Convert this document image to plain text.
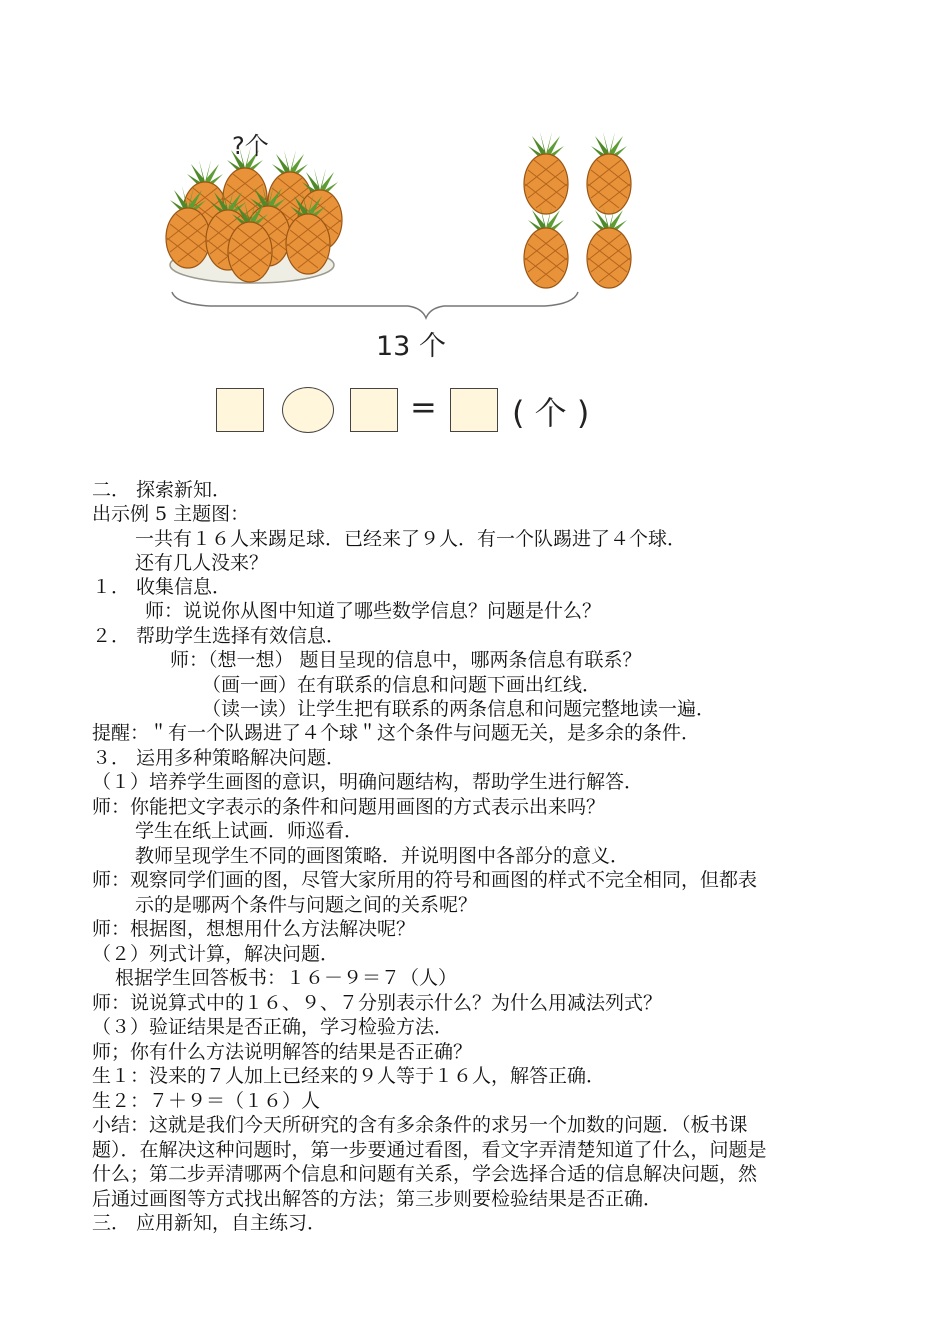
?个
13 个
= ( 个 )
二． 探索新知．
出示例 5 主题图：
一共有１６人来踢足球．已经来了９人．有一个队踢进了４个球．
还有几人没来？
１． 收集信息．
师：说说你从图中知道了哪些数学信息？问题是什么？
２． 帮助学生选择有效信息．
师：（想一想） 题目呈现的信息中，哪两条信息有联系？
（画一画）在有联系的信息和问题下画出红线．
（读一读）让学生把有联系的两条信息和问题完整地读一遍．
提醒：＂有一个队踢进了４个球＂这个条件与问题无关，是多余的条件．
３． 运用多种策略解决问题．
（１）培养学生画图的意识，明确问题结构，帮助学生进行解答．
师：你能把文字表示的条件和问题用画图的方式表示出来吗？
学生在纸上试画．师巡看．
教师呈现学生不同的画图策略．并说明图中各部分的意义．
师：观察同学们画的图，尽管大家所用的符号和画图的样式不完全相同，但都表
示的是哪两个条件与问题之间的关系呢？
师：根据图，想想用什么方法解决呢？
（２）列式计算，解决问题．
根据学生回答板书：１６－９＝７（人）
师：说说算式中的１６、９、７分别表示什么？为什么用减法列式？
（３）验证结果是否正确，学习检验方法．
师；你有什么方法说明解答的结果是否正确？
生１：没来的７人加上已经来的９人等于１６人，解答正确．
生２：７＋９＝（１６）人
小结：这就是我们今天所研究的含有多余条件的求另一个加数的问题．（板书课
题）．在解决这种问题时，第一步要通过看图，看文字弄清楚知道了什么，问题是
什么；第二步弄清哪两个信息和问题有关系，学会选择合适的信息解决问题，然
后通过画图等方式找出解答的方法；第三步则要检验结果是否正确．
三． 应用新知，自主练习．
